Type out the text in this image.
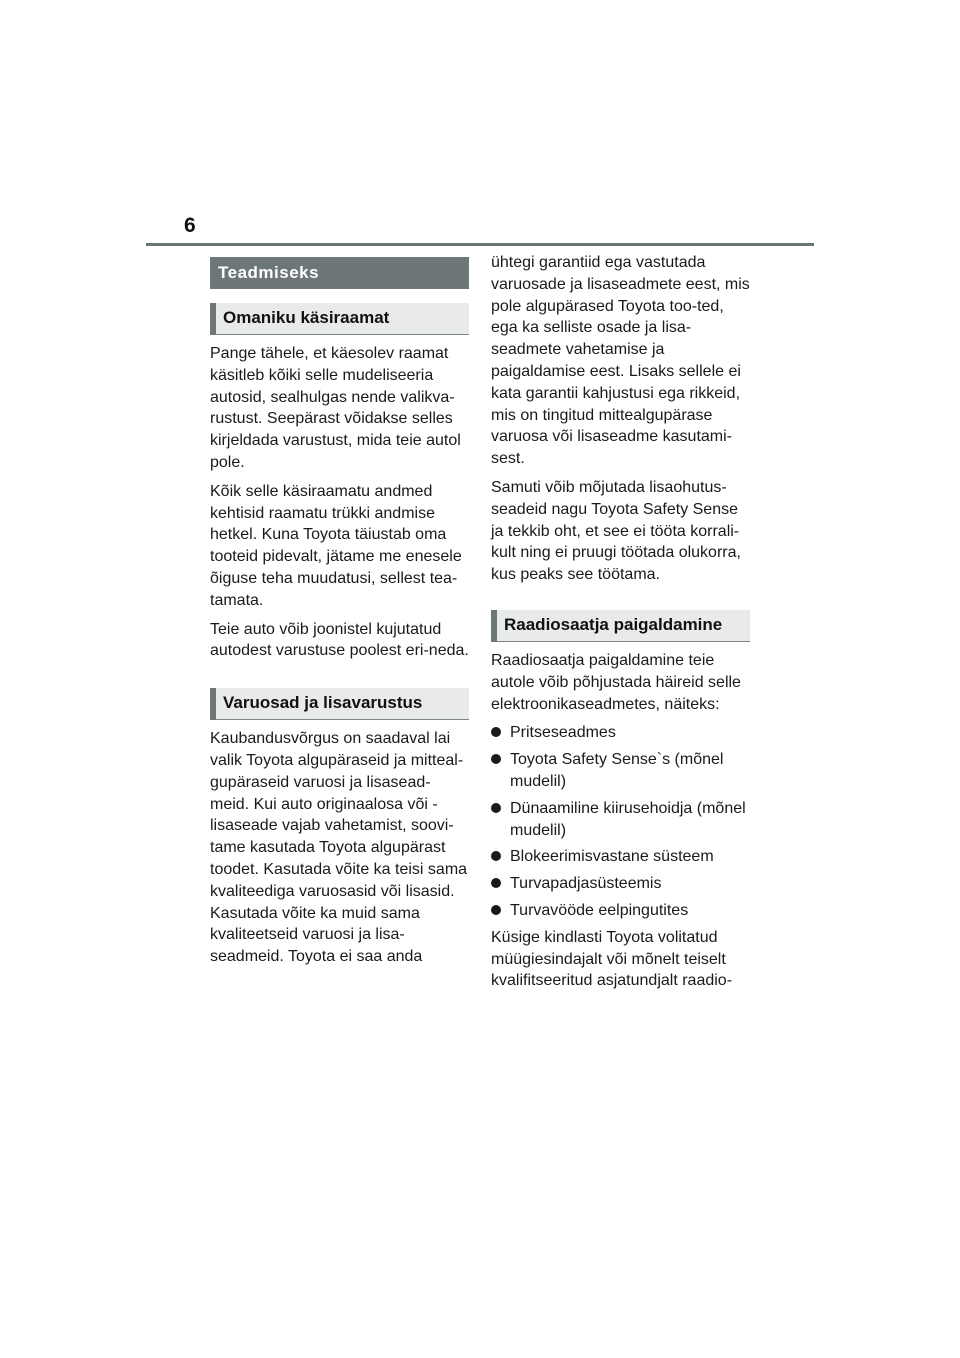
6
Teadmiseks
Omaniku käsiraamat

Pange tähele, et käesolev raamat käsitleb kõiki selle mudeliseeria autosid, sealhulgas nende valikva-rustust. Seepärast võidakse selles kirjeldada varustust, mida teie autol pole.

Kõik selle käsiraamatu andmed kehtisid raamatu trükki andmise hetkel. Kuna Toyota täiustab oma tooteid pidevalt, jätame me enesele õiguse teha muudatusi, sellest tea-tamata.

Teie auto võib joonistel kujutatud autodest varustuse poolest eri-neda.

Varuosad ja lisavarustus

Kaubandusvõrgus on saadaval lai valik Toyota algupäraseid ja mitteal-gupäraseid varuosi ja lisasead-meid. Kui auto originaalosa või -lisaseade vajab vahetamist, soovi-tame kasutada Toyota algupärast toodet. Kasutada võite ka teisi sama kvaliteediga varuosasid või lisasid. Kasutada võite ka muid sama kvaliteetseid varuosi ja lisa-seadmeid. Toyota ei saa anda

ühtegi garantiid ega vastutada varuosade ja lisaseadmete eest, mis pole algupärased Toyota too-ted, ega ka selliste osade ja lisa-seadmete vahetamise ja paigaldamise eest. Lisaks sellele ei kata garantii kahjustusi ega rikkeid, mis on tingitud mittealgupärase varuosa või lisaseadme kasutami-sest.

Samuti võib mõjutada lisaohutus-seadeid nagu Toyota Safety Sense ja tekkib oht, et see ei tööta korrali-kult ning ei pruugi töötada olukorra, kus peaks see töötama.

Raadiosaatja paigaldamine

Raadiosaatja paigaldamine teie autole võib põhjustada häireid selle elektroonikaseadmetes, näiteks:

Pritseseadmes
Toyota Safety Sense`s (mõnel mudelil)
Dünaamiline kiirusehoidja (mõnel mudelil)
Blokeerimisvastane süsteem
Turvapadjasüsteemis
Turvavööde eelpingutites

Küsige kindlasti Toyota volitatud müügiesindajalt või mõnelt teiselt kvalifitseeritud asjatundjalt raadio-
